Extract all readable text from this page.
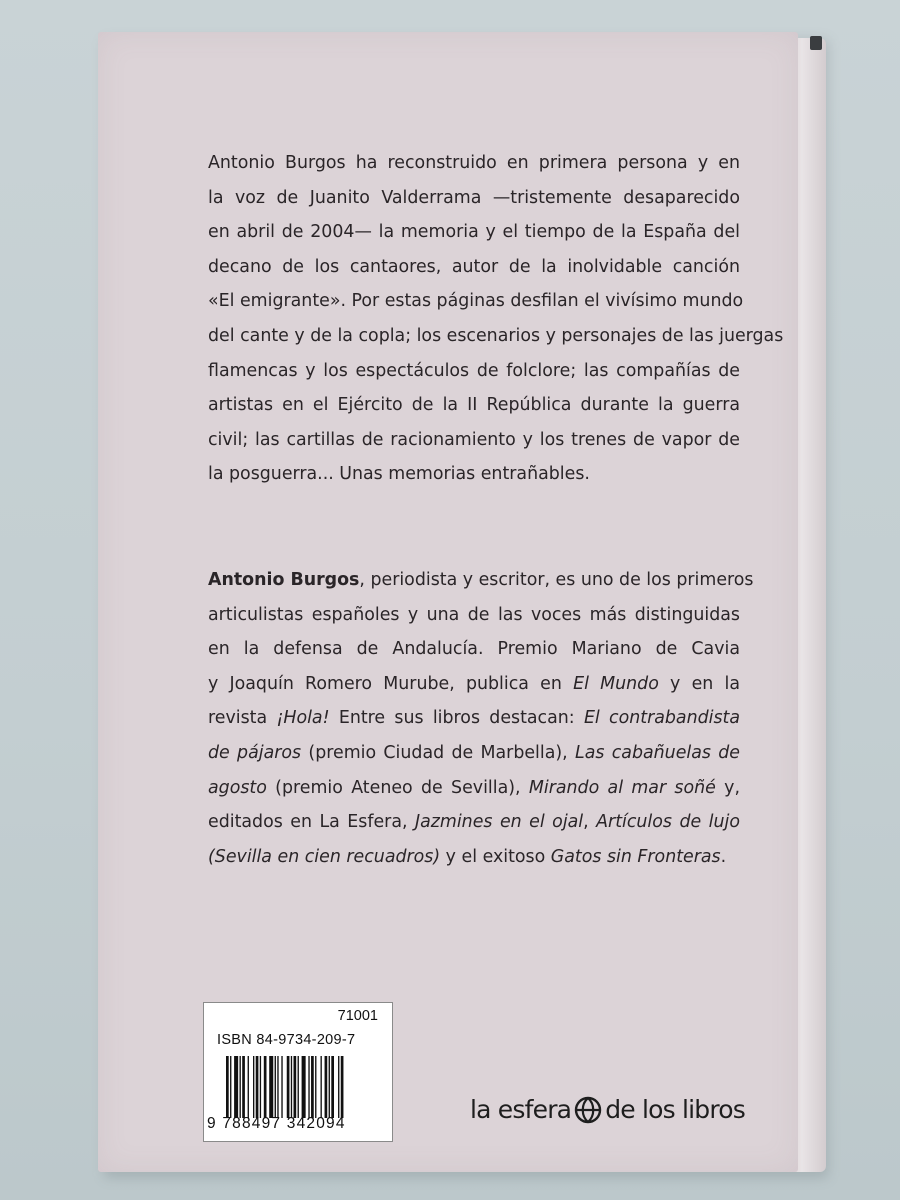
Antonio Burgos ha reconstruido en primera persona y en
la voz de Juanito Valderrama —tristemente desaparecido
en abril de 2004— la memoria y el tiempo de la España del
decano de los cantaores, autor de la inolvidable canción
«El emigrante». Por estas páginas desfilan el vivísimo mundo
del cante y de la copla; los escenarios y personajes de las juergas
flamencas y los espectáculos de folclore; las compañías de
artistas en el Ejército de la II República durante la guerra
civil; las cartillas de racionamiento y los trenes de vapor de
la posguerra... Unas memorias entrañables.
Antonio Burgos, periodista y escritor, es uno de los primeros
articulistas españoles y una de las voces más distinguidas
en la defensa de Andalucía. Premio Mariano de Cavia
y Joaquín Romero Murube, publica en El Mundo y en la
revista ¡Hola! Entre sus libros destacan: El contrabandista
de pájaros (premio Ciudad de Marbella), Las cabañuelas de
agosto (premio Ateneo de Sevilla), Mirando al mar soñé y,
editados en La Esfera, Jazmines en el ojal, Artículos de lujo
(Sevilla en cien recuadros) y el exitoso Gatos sin Fronteras.
71001
ISBN 84-9734-209-7
9 788497 342094	la esfera de los libros
